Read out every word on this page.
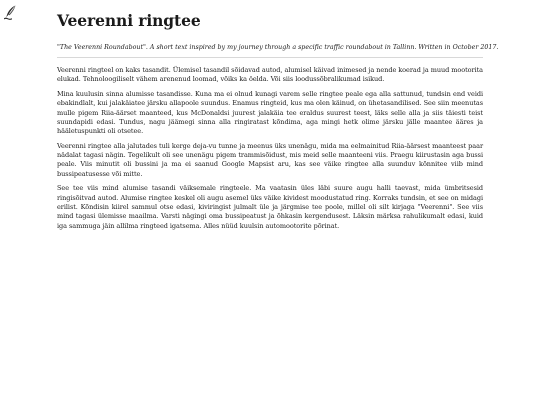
Veerenni ringtee

"The Veerenni Roundabout". A short text inspired by my journey through a specific traffic roundabout in Tallinn. Written in October 2017.

Veerenni ringteel on kaks tasandit. Ülemisel tasandil sõidavad autod, alumisel käivad inimesed ja nende koerad ja muud mootorita elukad. Tehnoloogiliselt vähem arenenud loomad, võiks ka öelda. Või siis loodussõbralikumad isikud.

Mina kuulusin sinna alumisse tasandisse. Kuna ma ei olnud kunagi varem selle ringtee peale ega alla sattunud, tundsin end veidi ebakindlalt, kui jalakäiatee järsku allapoole suundus. Enamus ringteid, kus ma olen käinud, on ühetasandilised. See siin meenutas mulle pigem Riia-äärset maanteed, kus McDonaldsi juurest jalakäia tee eraldus suurest teest, läks selle alla ja siis täiesti teist suundapidi edasi. Tundus, nagu jäämegi sinna alla ringiratast kõndima, aga mingi hetk olime järsku jälle maantee ääres ja hääletuspunkti oli otsetee.

Veerenni ringtee alla jalutades tuli kerge deja-vu tunne ja meenus üks unenägu, mida ma eelmainitud Riia-äärsest maanteest paar nädalat tagasi nägin. Tegelikult oli see unenägu pigem trammisõidust, mis meid selle maanteeni viis. Praegu kiirustasin aga bussi peale. Viis minutit oli bussini ja ma ei saanud Google Mapsist aru, kas see väike ringtee alla suunduv kõnnitee viib mind bussipeatusesse või mitte.

See tee viis mind alumise tasandi väiksemale ringteele. Ma vaatasin üles läbi suure augu halli taevast, mida ümbritsesid ringisõitvad autod. Alumise ringtee keskel oli augu asemel üks väike kividest moodustatud ring. Korraks tundsin, et see on midagi erilist. Kõndisin kiirel sammul otse edasi, kiviringist julmalt üle ja järgmise tee poole, millel oli silt kirjaga "Veerenni". See viis mind tagasi ülemisse maailma. Varsti nägingi oma bussipeatust ja õhkasin kergendusest. Läksin märksa rahulikumalt edasi, kuid iga sammuga jäin allilma ringteed igatsema. Alles nüüd kuulsin automootorite põrinat.
